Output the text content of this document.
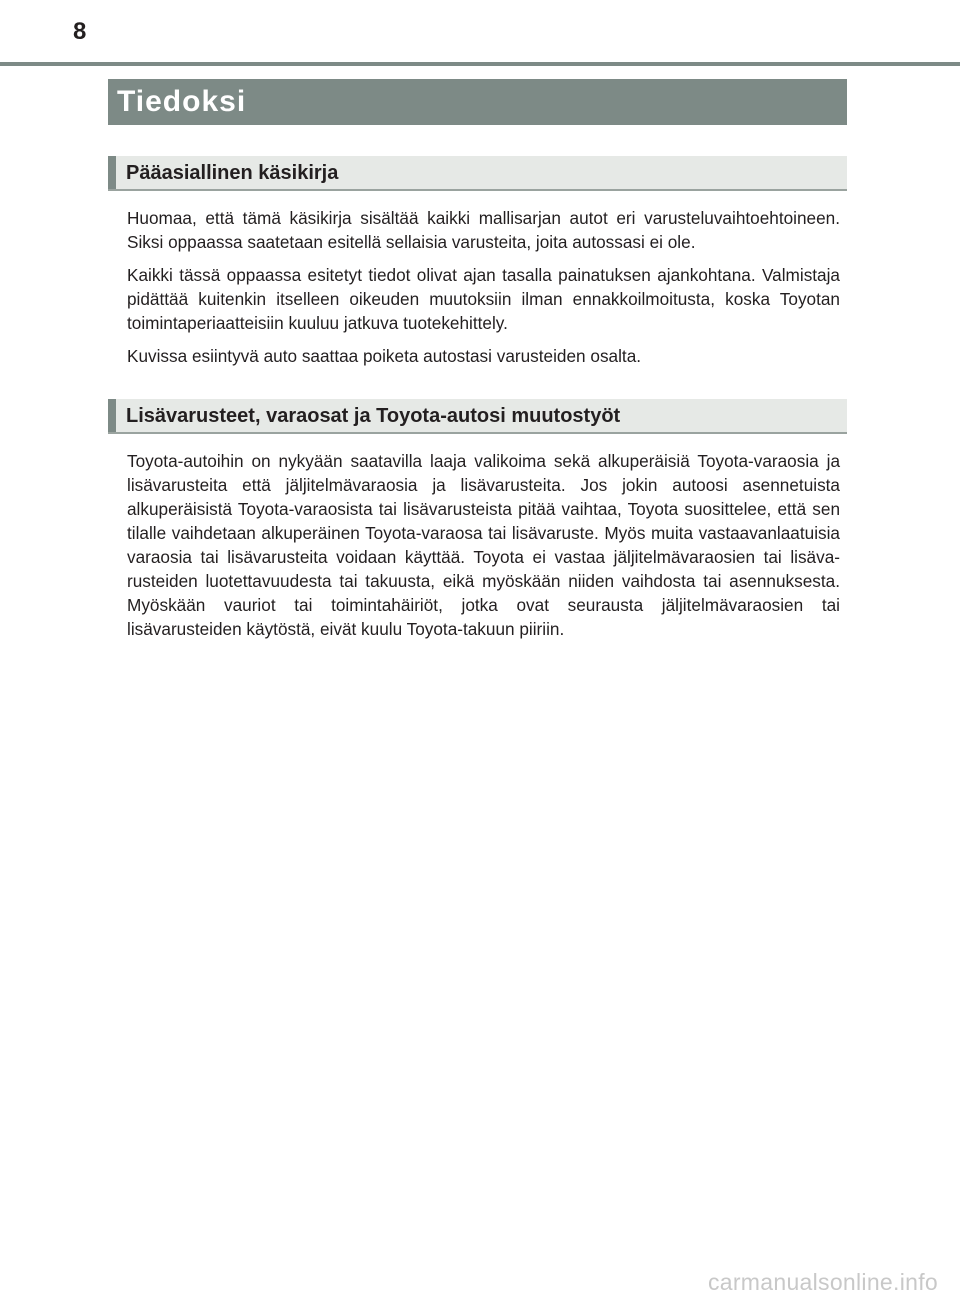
8
Tiedoksi
Pääasiallinen käsikirja

Huomaa, että tämä käsikirja sisältää kaikki mallisarjan autot eri varusteluvaihtoehtoineen. Siksi oppaassa saatetaan esitellä sellaisia varusteita, joita autossasi ei ole.

Kaikki tässä oppaassa esitetyt tiedot olivat ajan tasalla painatuksen ajankohtana. Valmistaja pidättää kuitenkin itselleen oikeuden muutoksiin ilman ennakkoilmoitusta, koska Toyotan toimintaperiaatteisiin kuuluu jatkuva tuotekehittely.

Kuvissa esiintyvä auto saattaa poiketa autostasi varusteiden osalta.

Lisävarusteet, varaosat ja Toyota-autosi muutostyöt

Toyota-autoihin on nykyään saatavilla laaja valikoima sekä alkuperäisiä Toyota-varaosia ja lisävarusteita että jäljitelmävaraosia ja lisävarusteita. Jos jokin autoosi asennetuista alkuperäisistä Toyota-varaosista tai lisävarusteista pitää vaihtaa, Toyota suosittelee, että sen tilalle vaihdetaan alkuperäinen Toyota-varaosa tai lisävaruste. Myös muita vastaavanlaatuisia varaosia tai lisävarusteita voidaan käyttää. Toyota ei vastaa jäljitelmävaraosien tai lisävarusteiden luotettavuudesta tai takuusta, eikä myöskään niiden vaihdosta tai asennuksesta. Myöskään vauriot tai toimintahäiriöt, jotka ovat seurausta jäljitelmävaraosien tai lisävarusteiden käytöstä, eivät kuulu Toyota-takuun piiriin.

carmanualsonline.info
